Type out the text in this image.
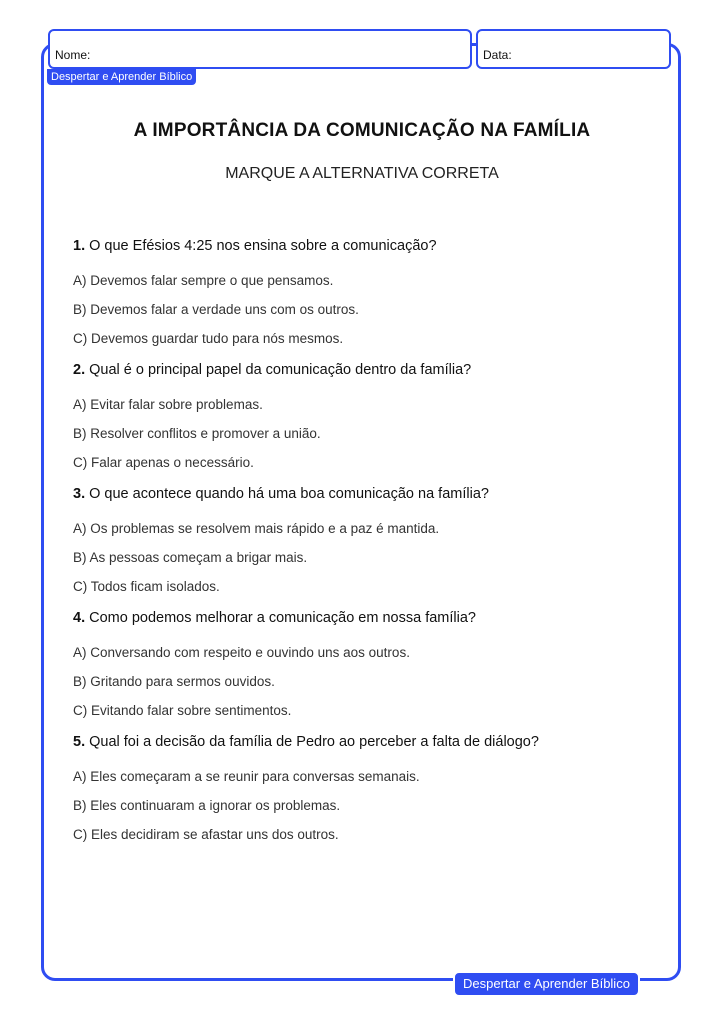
Nome:	Data:
Despertar e Aprender Bíblico
A IMPORTÂNCIA DA COMUNICAÇÃO NA FAMÍLIA
MARQUE A ALTERNATIVA CORRETA
1. O que Efésios 4:25 nos ensina sobre a comunicação?
A) Devemos falar sempre o que pensamos.
B) Devemos falar a verdade uns com os outros.
C) Devemos guardar tudo para nós mesmos.
2. Qual é o principal papel da comunicação dentro da família?
A) Evitar falar sobre problemas.
B) Resolver conflitos e promover a união.
C) Falar apenas o necessário.
3. O que acontece quando há uma boa comunicação na família?
A) Os problemas se resolvem mais rápido e a paz é mantida.
B) As pessoas começam a brigar mais.
C) Todos ficam isolados.
4. Como podemos melhorar a comunicação em nossa família?
A) Conversando com respeito e ouvindo uns aos outros.
B) Gritando para sermos ouvidos.
C) Evitando falar sobre sentimentos.
5. Qual foi a decisão da família de Pedro ao perceber a falta de diálogo?
A) Eles começaram a se reunir para conversas semanais.
B) Eles continuaram a ignorar os problemas.
C) Eles decidiram se afastar uns dos outros.
Despertar e Aprender Bíblico
